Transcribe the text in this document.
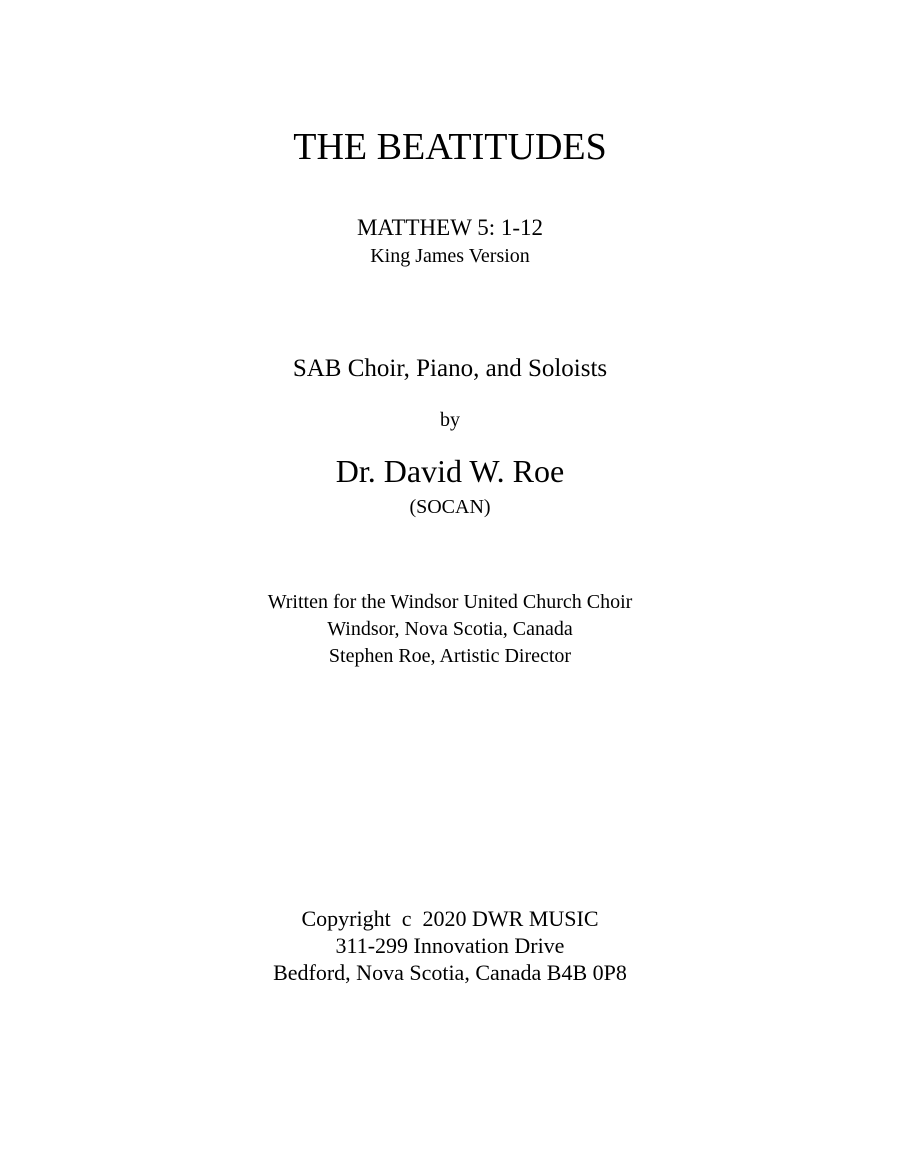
THE BEATITUDES
MATTHEW 5: 1-12
King James Version
SAB Choir, Piano, and Soloists
by
Dr. David W. Roe
(SOCAN)
Written for the Windsor United Church Choir
Windsor, Nova Scotia, Canada
Stephen Roe, Artistic Director
Copyright  c  2020 DWR MUSIC
311-299 Innovation Drive
Bedford, Nova Scotia, Canada B4B 0P8
